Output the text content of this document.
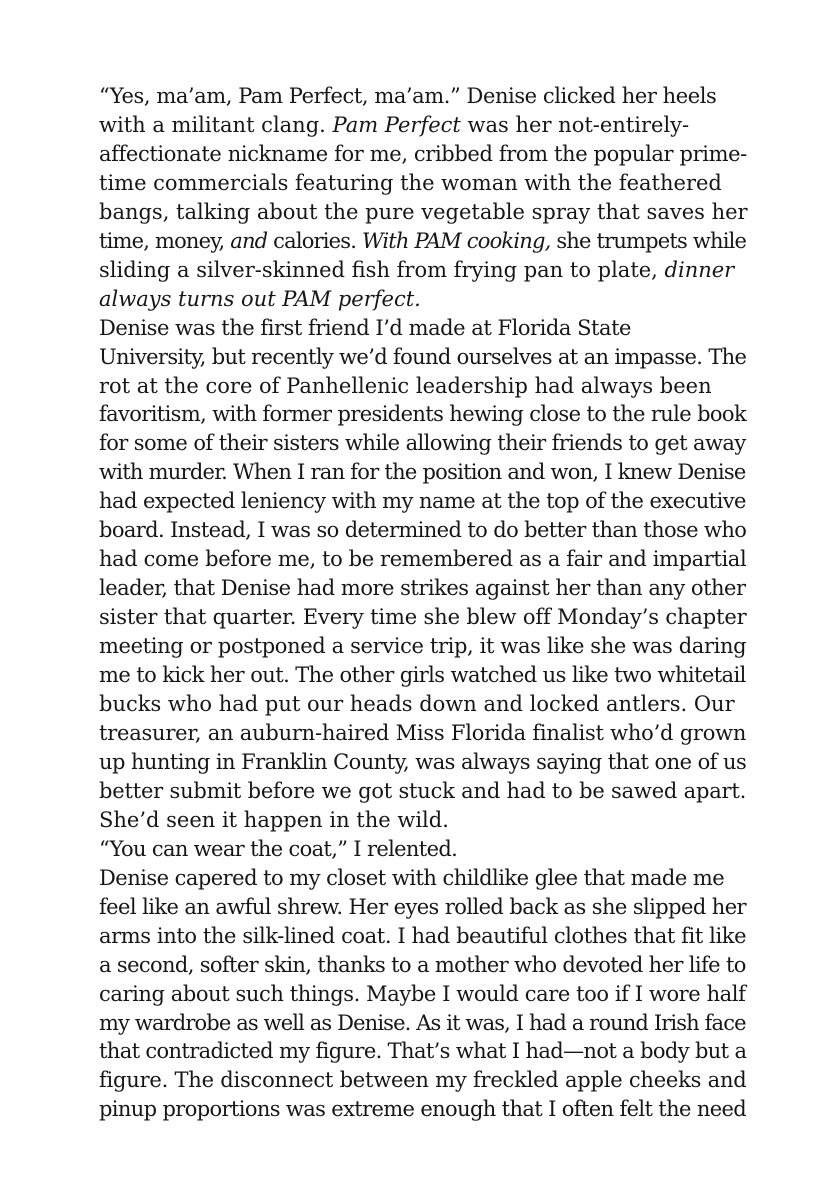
“Yes, ma’am, Pam Perfect, ma’am.” Denise clicked her heels
with a militant clang. Pam Perfect was her not-entirely-
affectionate nickname for me, cribbed from the popular prime-
time commercials featuring the woman with the feathered
bangs, talking about the pure vegetable spray that saves her
time, money, and calories. With PAM cooking, she trumpets while
sliding a silver-skinned fish from frying pan to plate, dinner
always turns out PAM perfect.

Denise was the first friend I’d made at Florida State
University, but recently we’d found ourselves at an impasse. The
rot at the core of Panhellenic leadership had always been
favoritism, with former presidents hewing close to the rule book
for some of their sisters while allowing their friends to get away
with murder. When I ran for the position and won, I knew Denise
had expected leniency with my name at the top of the executive
board. Instead, I was so determined to do better than those who
had come before me, to be remembered as a fair and impartial
leader, that Denise had more strikes against her than any other
sister that quarter. Every time she blew off Monday’s chapter
meeting or postponed a service trip, it was like she was daring
me to kick her out. The other girls watched us like two whitetail
bucks who had put our heads down and locked antlers. Our
treasurer, an auburn-haired Miss Florida finalist who’d grown
up hunting in Franklin County, was always saying that one of us
better submit before we got stuck and had to be sawed apart.
She’d seen it happen in the wild.

“You can wear the coat,” I relented.

Denise capered to my closet with childlike glee that made me
feel like an awful shrew. Her eyes rolled back as she slipped her
arms into the silk-lined coat. I had beautiful clothes that fit like
a second, softer skin, thanks to a mother who devoted her life to
caring about such things. Maybe I would care too if I wore half
my wardrobe as well as Denise. As it was, I had a round Irish face
that contradicted my figure. That’s what I had—not a body but a
figure. The disconnect between my freckled apple cheeks and
pinup proportions was extreme enough that I often felt the need
